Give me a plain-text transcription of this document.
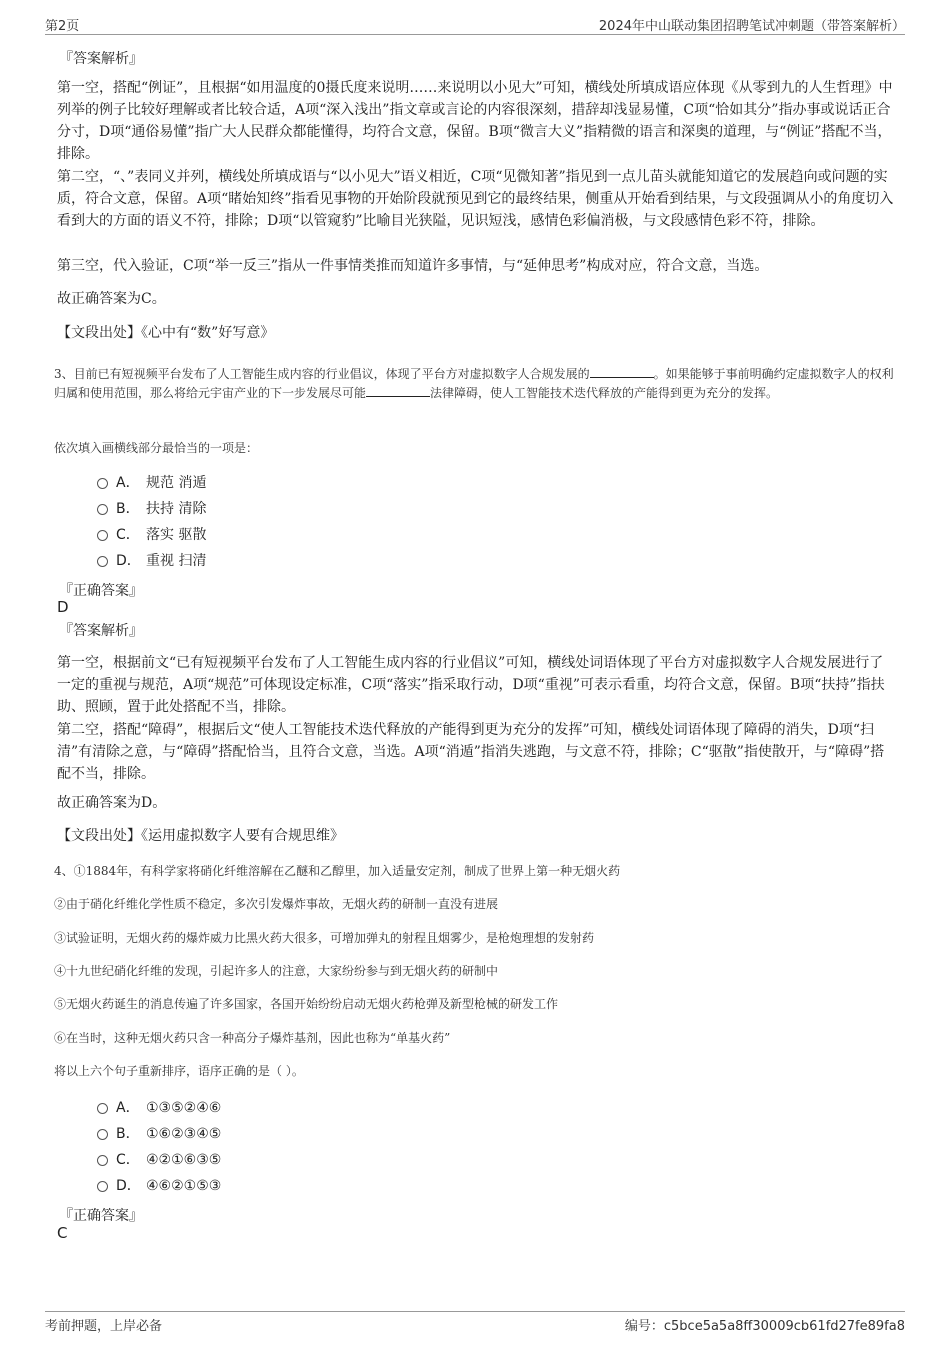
第2页	2024年中山联动集团招聘笔试冲刺题（带答案解析）
『答案解析』
第一空，搭配“例证”，且根据“如用温度的0摄氏度来说明……来说明以小见大”可知，横线处所填成语应体现《从零到九的人生哲理》中列举的例子比较好理解或者比较合适，A项“深入浅出”指文章或言论的内容很深刻，措辞却浅显易懂，C项“恰如其分”指办事或说话正合分寸，D项“通俗易懂”指广大人民群众都能懂得，均符合文意，保留。B项“微言大义”指精微的语言和深奥的道理，与“例证”搭配不当，排除。
第二空，“、”表同义并列，横线处所填成语与“以小见大”语义相近，C项“见微知著”指见到一点儿苗头就能知道它的发展趋向或问题的实质，符合文意，保留。A项“睹始知终”指看见事物的开始阶段就预见到它的最终结果，侧重从开始看到结果，与文段强调从小的角度切入看到大的方面的语义不符，排除；D项“以管窥豹”比喻目光狭隘，见识短浅，感情色彩偏消极，与文段感情色彩不符，排除。
第三空，代入验证，C项“举一反三”指从一件事情类推而知道许多事情，与“延伸思考”构成对应，符合文意，当选。
故正确答案为C。
【文段出处】《心中有“数”好写意》
3、目前已有短视频平台发布了人工智能生成内容的行业倡议，体现了平台方对虚拟数字人合规发展的	。如果能够于事前明确约定虚拟数字人的权利归属和使用范围，那么将给元宇宙产业的下一步发展尽可能	法律障碍，使人工智能技术迭代释放的产能得到更为充分的发挥。
依次填入画横线部分最恰当的一项是：
A． 规范 消遁
B． 扶持 清除
C． 落实 驱散
D． 重视 扫清
『正确答案』
D
『答案解析』
第一空，根据前文“已有短视频平台发布了人工智能生成内容的行业倡议”可知，横线处词语体现了平台方对虚拟数字人合规发展进行了一定的重视与规范，A项“规范”可体现设定标准，C项“落实”指采取行动，D项“重视”可表示看重，均符合文意，保留。B项“扶持”指扶助、照顾，置于此处搭配不当，排除。
第二空，搭配“障碍”，根据后文“使人工智能技术迭代释放的产能得到更为充分的发挥”可知，横线处词语体现了障碍的消失，D项“扫清”有清除之意，与“障碍”搭配恰当，且符合文意，当选。A项“消遁”指消失逃跑，与文意不符，排除；C“驱散”指使散开，与“障碍”搭配不当，排除。
故正确答案为D。
【文段出处】《运用虚拟数字人要有合规思维》
4、①1884年，有科学家将硝化纤维溶解在乙醚和乙醇里，加入适量安定剂，制成了世界上第一种无烟火药
②由于硝化纤维化学性质不稳定，多次引发爆炸事故，无烟火药的研制一直没有进展
③试验证明，无烟火药的爆炸威力比黑火药大很多，可增加弹丸的射程且烟雾少，是枪炮理想的发射药
④十九世纪硝化纤维的发现，引起许多人的注意，大家纷纷参与到无烟火药的研制中
⑤无烟火药诞生的消息传遍了许多国家，各国开始纷纷启动无烟火药枪弹及新型枪械的研发工作
⑥在当时，这种无烟火药只含一种高分子爆炸基剂，因此也称为“单基火药”
将以上六个句子重新排序，语序正确的是（ ）。
A． ①③⑤②④⑥
B． ①⑥②③④⑤
C． ④②①⑥③⑤
D． ④⑥②①⑤③
『正确答案』
C
考前押题，上岸必备	编号：c5bce5a5a8ff30009cb61fd27fe89fa8
